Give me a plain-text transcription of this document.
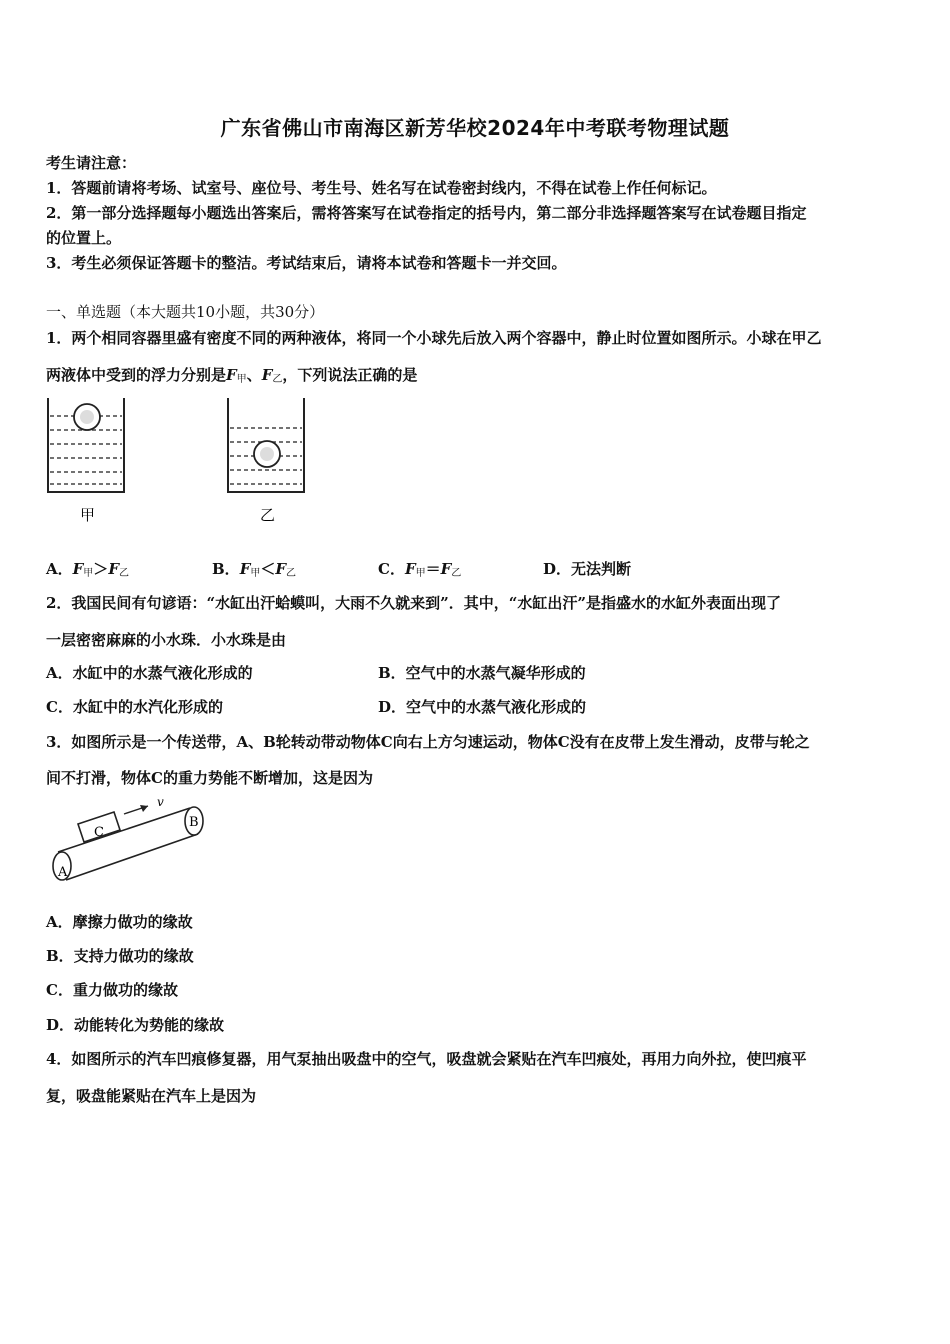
广东省佛山市南海区新芳华校2024年中考联考物理试题
考生请注意：
1．答题前请将考场、试室号、座位号、考生号、姓名写在试卷密封线内，不得在试卷上作任何标记。
2．第一部分选择题每小题选出答案后，需将答案写在试卷指定的括号内，第二部分非选择题答案写在试卷题目指定
的位置上。
3．考生必须保证答题卡的整洁。考试结束后，请将本试卷和答题卡一并交回。
一、单选题（本大题共10小题，共30分）
1．两个相同容器里盛有密度不同的两种液体，将同一个小球先后放入两个容器中，静止时位置如图所示。小球在甲乙
两液体中受到的浮力分别是$F_甲$、$F_乙$，下列说法正确的是
甲	乙
A．$F_甲>F_乙$	B．$F_甲<F_乙$	C．$F_甲=F_乙$	D．无法判断
2．我国民间有句谚语：“水缸出汗蛤蟆叫，大雨不久就来到”．其中，“水缸出汗”是指盛水的水缸外表面出现了
一层密密麻麻的小水珠．小水珠是由
A．水缸中的水蒸气液化形成的	B．空气中的水蒸气凝华形成的
C．水缸中的水汽化形成的	D．空气中的水蒸气液化形成的
3．如图所示是一个传送带，A、B轮转动带动物体C向右上方匀速运动，物体C没有在皮带上发生滑动，皮带与轮之
间不打滑，物体C的重力势能不断增加，这是因为
A
B
C
v
A．摩擦力做功的缘故
B．支持力做功的缘故
C．重力做功的缘故
D．动能转化为势能的缘故
4．如图所示的汽车凹痕修复器，用气泵抽出吸盘中的空气，吸盘就会紧贴在汽车凹痕处，再用力向外拉，使凹痕平
复，吸盘能紧贴在汽车上是因为
